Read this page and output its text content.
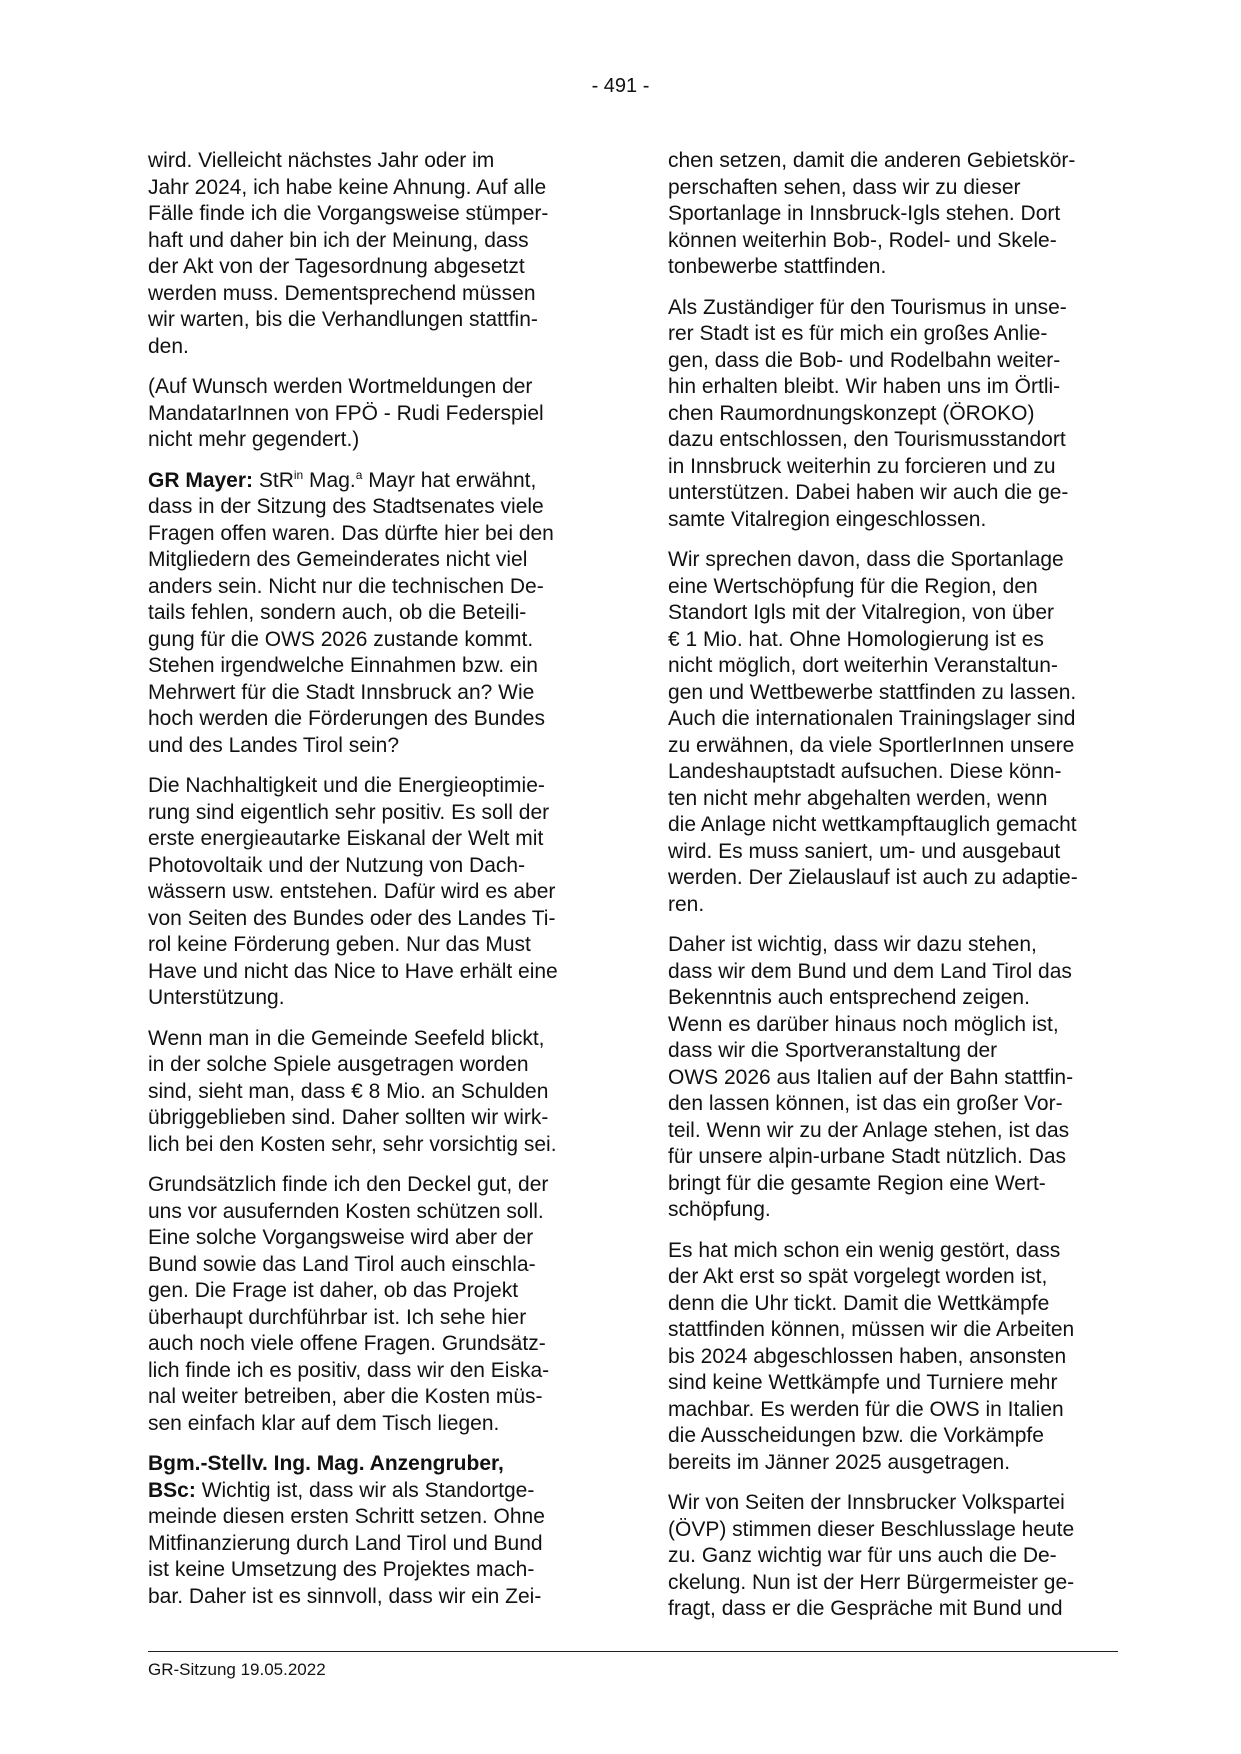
- 491 -

wird. Vielleicht nächstes Jahr oder im
Jahr 2024, ich habe keine Ahnung. Auf alle
Fälle finde ich die Vorgangsweise stümper-
haft und daher bin ich der Meinung, dass
der Akt von der Tagesordnung abgesetzt
werden muss. Dementsprechend müssen
wir warten, bis die Verhandlungen stattfin-
den.

(Auf Wunsch werden Wortmeldungen der
MandatarInnen von FPÖ - Rudi Federspiel
nicht mehr gegendert.)

GR Mayer: StR$^{in}$ Mag.$^a$ Mayr hat erwähnt,
dass in der Sitzung des Stadtsenates viele
Fragen offen waren. Das dürfte hier bei den
Mitgliedern des Gemeinderates nicht viel
anders sein. Nicht nur die technischen De-
tails fehlen, sondern auch, ob die Beteili-
gung für die OWS 2026 zustande kommt.
Stehen irgendwelche Einnahmen bzw. ein
Mehrwert für die Stadt Innsbruck an? Wie
hoch werden die Förderungen des Bundes
und des Landes Tirol sein?

Die Nachhaltigkeit und die Energieoptimie-
rung sind eigentlich sehr positiv. Es soll der
erste energieautarke Eiskanal der Welt mit
Photovoltaik und der Nutzung von Dach-
wässern usw. entstehen. Dafür wird es aber
von Seiten des Bundes oder des Landes Ti-
rol keine Förderung geben. Nur das Must
Have und nicht das Nice to Have erhält eine
Unterstützung.

Wenn man in die Gemeinde Seefeld blickt,
in der solche Spiele ausgetragen worden
sind, sieht man, dass € 8 Mio. an Schulden
übriggeblieben sind. Daher sollten wir wirk-
lich bei den Kosten sehr, sehr vorsichtig sei.

Grundsätzlich finde ich den Deckel gut, der
uns vor ausufernden Kosten schützen soll.
Eine solche Vorgangsweise wird aber der
Bund sowie das Land Tirol auch einschla-
gen. Die Frage ist daher, ob das Projekt
überhaupt durchführbar ist. Ich sehe hier
auch noch viele offene Fragen. Grundsätz-
lich finde ich es positiv, dass wir den Eiska-
nal weiter betreiben, aber die Kosten müs-
sen einfach klar auf dem Tisch liegen.

Bgm.-Stellv. Ing. Mag. Anzengruber,
BSc: Wichtig ist, dass wir als Standortge-
meinde diesen ersten Schritt setzen. Ohne
Mitfinanzierung durch Land Tirol und Bund
ist keine Umsetzung des Projektes mach-
bar. Daher ist es sinnvoll, dass wir ein Zei-

chen setzen, damit die anderen Gebietskör-
perschaften sehen, dass wir zu dieser
Sportanlage in Innsbruck-Igls stehen. Dort
können weiterhin Bob-, Rodel- und Skele-
tonbewerbe stattfinden.

Als Zuständiger für den Tourismus in unse-
rer Stadt ist es für mich ein großes Anlie-
gen, dass die Bob- und Rodelbahn weiter-
hin erhalten bleibt. Wir haben uns im Örtli-
chen Raumordnungskonzept (ÖROKO)
dazu entschlossen, den Tourismusstandort
in Innsbruck weiterhin zu forcieren und zu
unterstützen. Dabei haben wir auch die ge-
samte Vitalregion eingeschlossen.

Wir sprechen davon, dass die Sportanlage
eine Wertschöpfung für die Region, den
Standort Igls mit der Vitalregion, von über
€ 1 Mio. hat. Ohne Homologierung ist es
nicht möglich, dort weiterhin Veranstaltun-
gen und Wettbewerbe stattfinden zu lassen.
Auch die internationalen Trainingslager sind
zu erwähnen, da viele SportlerInnen unsere
Landeshauptstadt aufsuchen. Diese könn-
ten nicht mehr abgehalten werden, wenn
die Anlage nicht wettkampftauglich gemacht
wird. Es muss saniert, um- und ausgebaut
werden. Der Zielauslauf ist auch zu adaptie-
ren.

Daher ist wichtig, dass wir dazu stehen,
dass wir dem Bund und dem Land Tirol das
Bekenntnis auch entsprechend zeigen.
Wenn es darüber hinaus noch möglich ist,
dass wir die Sportveranstaltung der
OWS 2026 aus Italien auf der Bahn stattfin-
den lassen können, ist das ein großer Vor-
teil. Wenn wir zu der Anlage stehen, ist das
für unsere alpin-urbane Stadt nützlich. Das
bringt für die gesamte Region eine Wert-
schöpfung.

Es hat mich schon ein wenig gestört, dass
der Akt erst so spät vorgelegt worden ist,
denn die Uhr tickt. Damit die Wettkämpfe
stattfinden können, müssen wir die Arbeiten
bis 2024 abgeschlossen haben, ansonsten
sind keine Wettkämpfe und Turniere mehr
machbar. Es werden für die OWS in Italien
die Ausscheidungen bzw. die Vorkämpfe
bereits im Jänner 2025 ausgetragen.

Wir von Seiten der Innsbrucker Volkspartei
(ÖVP) stimmen dieser Beschlusslage heute
zu. Ganz wichtig war für uns auch die De-
ckelung. Nun ist der Herr Bürgermeister ge-
fragt, dass er die Gespräche mit Bund und

GR-Sitzung 19.05.2022
